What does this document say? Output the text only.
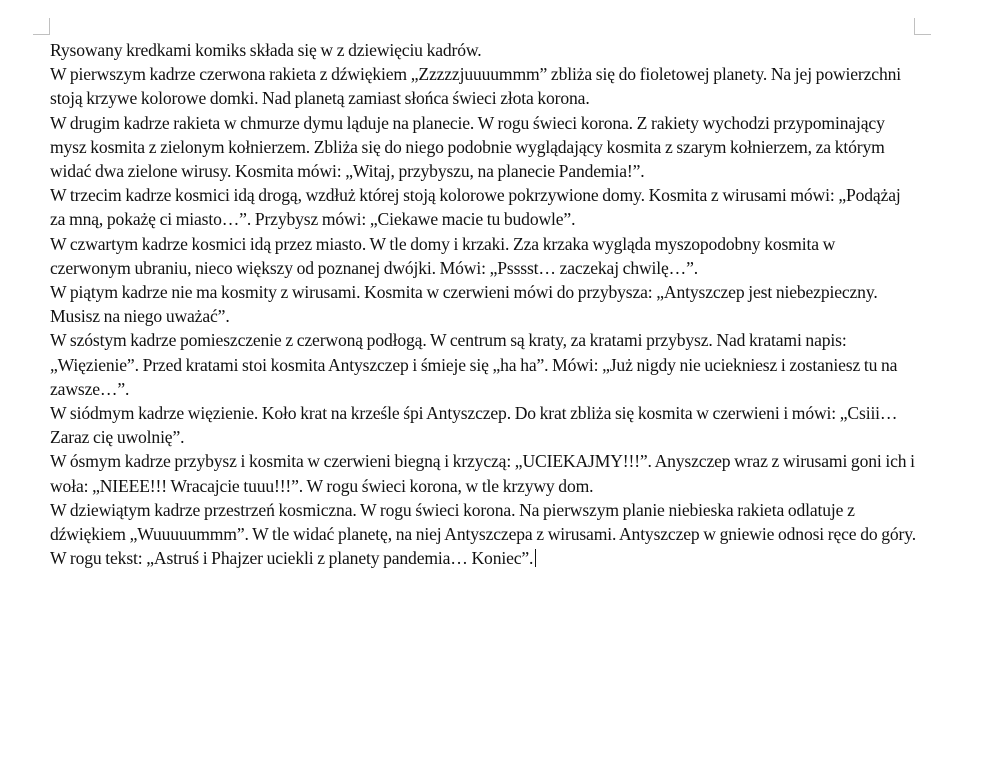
Rysowany kredkami komiks składa się w z dziewięciu kadrów.

W pierwszym kadrze czerwona rakieta z dźwiękiem „Zzzzzjuuuummm” zbliża się do fioletowej planety. Na jej powierzchni stoją krzywe kolorowe domki. Nad planetą zamiast słońca świeci złota korona.

W drugim kadrze rakieta w chmurze dymu ląduje na planecie. W rogu świeci korona. Z rakiety wychodzi przypominający mysz kosmita z zielonym kołnierzem. Zbliża się do niego podobnie wyglądający kosmita z szarym kołnierzem, za którym widać dwa zielone wirusy. Kosmita mówi: „Witaj, przybyszu, na planecie Pandemia!”.

W trzecim kadrze kosmici idą drogą, wzdłuż której stoją kolorowe pokrzywione domy. Kosmita z wirusami mówi: „Podążaj za mną, pokażę ci miasto…”. Przybysz mówi: „Ciekawe macie tu budowle”.

W czwartym kadrze kosmici idą przez miasto. W tle domy i krzaki. Zza krzaka wygląda myszopodobny kosmita w czerwonym ubraniu, nieco większy od poznanej dwójki. Mówi: „Psssst… zaczekaj chwilę…”.

W piątym kadrze nie ma kosmity z wirusami. Kosmita w czerwieni mówi do przybysza: „Antyszczep jest niebezpieczny. Musisz na niego uważać”.

W szóstym kadrze pomieszczenie z czerwoną podłogą. W centrum są kraty, za kratami przybysz. Nad kratami napis: „Więzienie”. Przed kratami stoi kosmita Antyszczep i śmieje się „ha ha”. Mówi: „Już nigdy nie uciekniesz i zostaniesz tu na zawsze…”.

W siódmym kadrze więzienie. Koło krat na krześle śpi Antyszczep. Do krat zbliża się kosmita w czerwieni i mówi: „Csiii… Zaraz cię uwolnię”.

W ósmym kadrze przybysz i kosmita w czerwieni biegną i krzyczą: „UCIEKAJMY!!!”. Anyszczep wraz z wirusami goni ich i woła: „NIEEE!!! Wracajcie tuuu!!!”. W rogu świeci korona, w tle krzywy dom.

W dziewiątym kadrze przestrzeń kosmiczna. W rogu świeci korona. Na pierwszym planie niebieska rakieta odlatuje z dźwiękiem „Wuuuuummm”. W tle widać planetę, na niej Antyszczepa z wirusami. Antyszczep w gniewie odnosi ręce do góry. W rogu tekst: „Astruś i Phajzer uciekli z planety pandemia… Koniec”.
